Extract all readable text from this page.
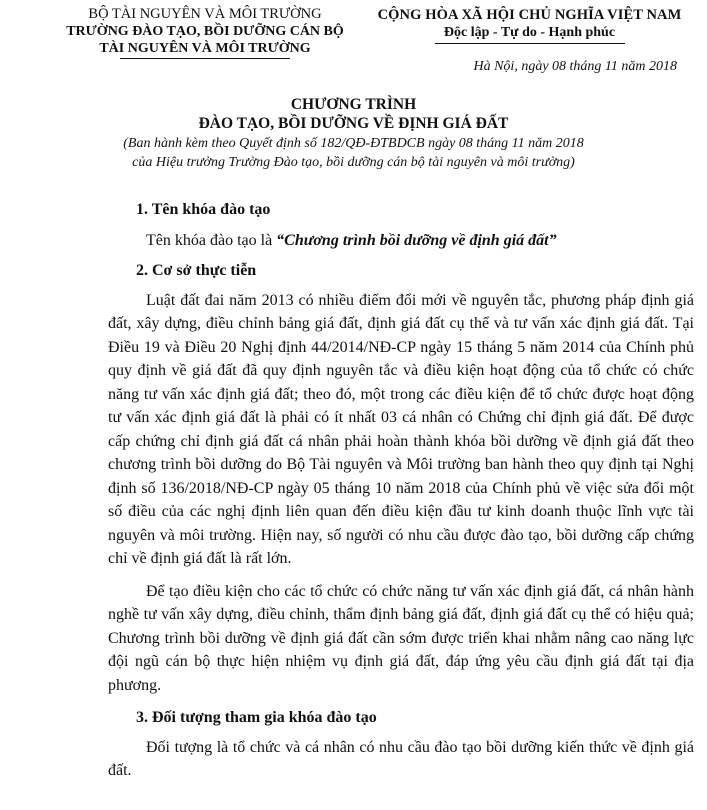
BỘ TÀI NGUYÊN VÀ MÔI TRƯỜNG
TRƯỜNG ĐÀO TẠO, BỒI DƯỠNG CÁN BỘ
TÀI NGUYÊN VÀ MÔI TRƯỜNG
CỘNG HÒA XÃ HỘI CHỦ NGHĨA VIỆT NAM
Độc lập - Tự do - Hạnh phúc
Hà Nội, ngày 08 tháng 11 năm 2018
CHƯƠNG TRÌNH
ĐÀO TẠO, BỒI DƯỠNG VỀ ĐỊNH GIÁ ĐẤT
(Ban hành kèm theo Quyết định số 182/QĐ-ĐTBDCB ngày 08 tháng 11 năm 2018
của Hiệu trưởng Trường Đào tạo, bồi dưỡng cán bộ tài nguyên và môi trường)

1. Tên khóa đào tạo

Tên khóa đào tạo là “Chương trình bồi dưỡng về định giá đất”

2. Cơ sở thực tiễn

Luật đất đai năm 2013 có nhiều điểm đổi mới về nguyên tắc, phương pháp định giá đất, xây dựng, điều chỉnh bảng giá đất, định giá đất cụ thể và tư vấn xác định giá đất. Tại Điều 19 và Điều 20 Nghị định 44/2014/NĐ-CP ngày 15 tháng 5 năm 2014 của Chính phủ quy định về giá đất đã quy định nguyên tắc và điều kiện hoạt động của tổ chức có chức năng tư vấn xác định giá đất; theo đó, một trong các điều kiện để tổ chức được hoạt động tư vấn xác định giá đất là phải có ít nhất 03 cá nhân có Chứng chỉ định giá đất. Để được cấp chứng chỉ định giá đất cá nhân phải hoàn thành khóa bồi dưỡng về định giá đất theo chương trình bồi dưỡng do Bộ Tài nguyên và Môi trường ban hành theo quy định tại Nghị định số 136/2018/NĐ-CP ngày 05 tháng 10 năm 2018 của Chính phủ về việc sửa đổi một số điều của các nghị định liên quan đến điều kiện đầu tư kinh doanh thuộc lĩnh vực tài nguyên và môi trường. Hiện nay, số người có nhu cầu được đào tạo, bồi dưỡng cấp chứng chỉ về định giá đất là rất lớn.

Để tạo điều kiện cho các tổ chức có chức năng tư vấn xác định giá đất, cá nhân hành nghề tư vấn xây dựng, điều chỉnh, thẩm định bảng giá đất, định giá đất cụ thể có hiệu quả; Chương trình bồi dưỡng về định giá đất cần sớm được triển khai nhằm nâng cao năng lực đội ngũ cán bộ thực hiện nhiệm vụ định giá đất, đáp ứng yêu cầu định giá đất tại địa phương.

3. Đối tượng tham gia khóa đào tạo

Đối tượng là tổ chức và cá nhân có nhu cầu đào tạo bồi dưỡng kiến thức về định giá đất.
